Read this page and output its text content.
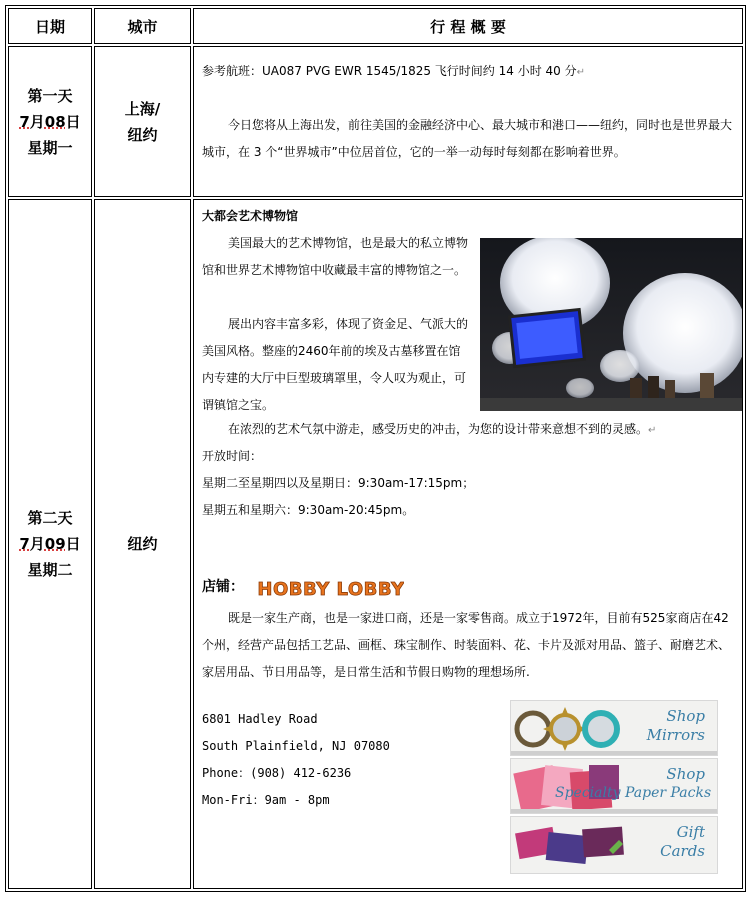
日期	城市	行 程 概 要
第一天
7月08日
星期一
上海/
纽约
参考航班：UA087 PVG EWR 1545/1825 飞行时间约 14 小时 40 分↵
今日您将从上海出发，前往美国的金融经济中心、最大城市和港口——纽约，同时也是世界最大城市，在 3 个“世界城市”中位居首位，它的一举一动每时每刻都在影响着世界。
第二天
7月09日
星期二
纽约
大都会艺术博物馆
美国最大的艺术博物馆，也是最大的私立博物馆和世界艺术博物馆中收藏最丰富的博物馆之一。
展出内容丰富多彩，体现了资金足、气派大的美国风格。整座的2460年前的埃及古墓移置在馆内专建的大厅中巨型玻璃罩里，令人叹为观止，可谓镇馆之宝。
在浓烈的艺术气氛中游走，感受历史的冲击，为您的设计带来意想不到的灵感。↵
开放时间：
星期二至星期四以及星期日：9:30am-17:15pm；
星期五和星期六：9:30am-20:45pm。
店铺： HOBBY LOBBY
既是一家生产商，也是一家进口商，还是一家零售商。成立于1972年，目前有525家商店在42个州，经营产品包括工艺品、画框、珠宝制作、时装面料、花、卡片及派对用品、篮子、耐磨艺术、家居用品、节日用品等，是日常生活和节假日购物的理想场所.
6801 Hadley Road
South Plainfield, NJ 07080
Phone：(908) 412-6236
Mon-Fri：9am - 8pm
Shop
Mirrors
Shop
Specialty Paper Packs
Gift
Cards
